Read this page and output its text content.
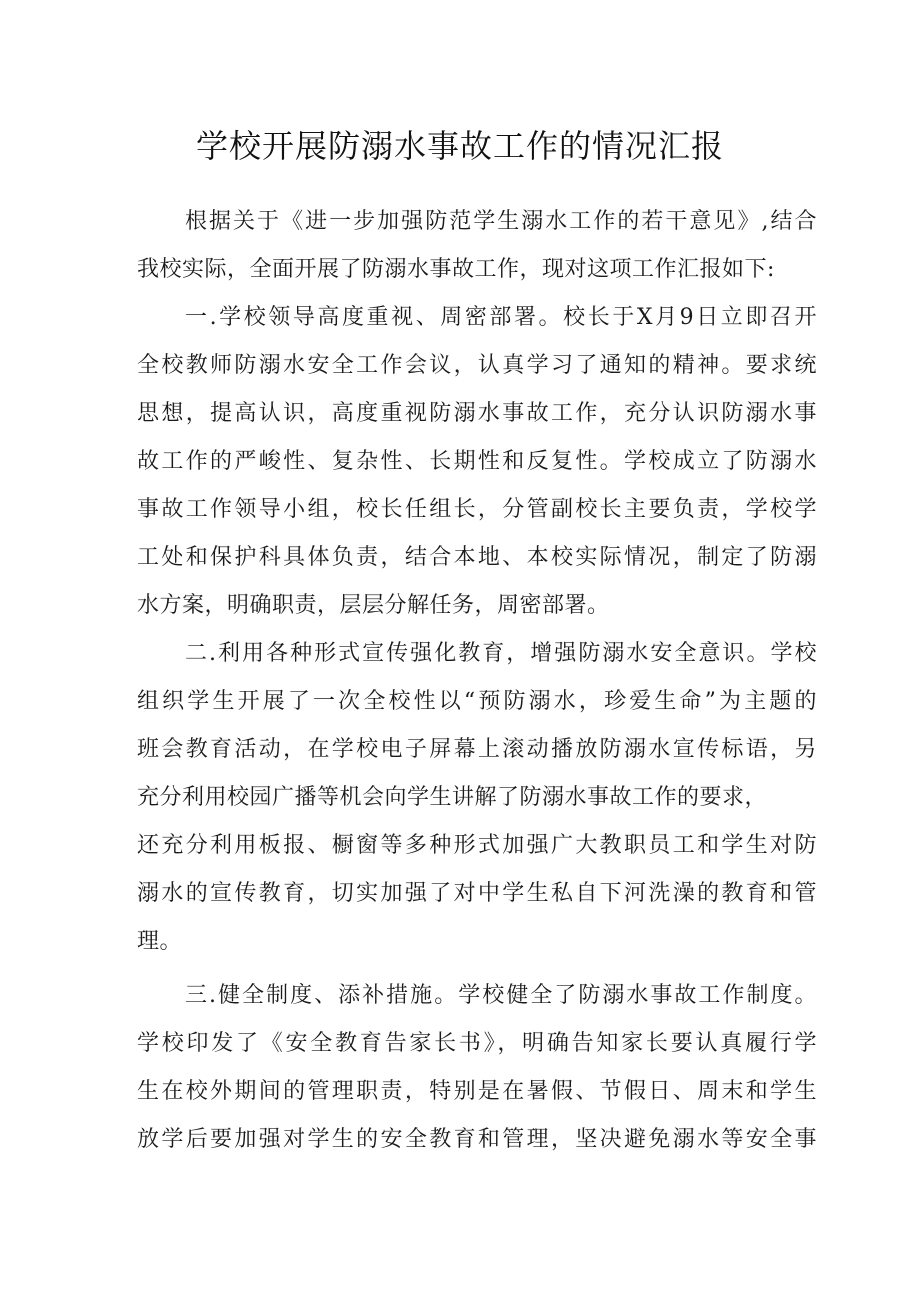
学校开展防溺水事故工作的情况汇报
根据关于《进一步加强防范学生溺水工作的若干意见》,结合
我校实际，全面开展了防溺水事故工作，现对这项工作汇报如下:
一.学校领导高度重视、周密部署。校长于X月9日立即召开
全校教师防溺水安全工作会议，认真学习了通知的精神。要求统
思想，提高认识，高度重视防溺水事故工作，充分认识防溺水事
故工作的严峻性、复杂性、长期性和反复性。学校成立了防溺水
事故工作领导小组，校长任组长，分管副校长主要负责，学校学
工处和保护科具体负责，结合本地、本校实际情况，制定了防溺
水方案，明确职责，层层分解任务，周密部署。
二.利用各种形式宣传强化教育，增强防溺水安全意识。学校
组织学生开展了一次全校性以“预防溺水，珍爱生命”为主题的
班会教育活动，在学校电子屏幕上滚动播放防溺水宣传标语，另
充分利用校园广播等机会向学生讲解了防溺水事故工作的要求，
还充分利用板报、橱窗等多种形式加强广大教职员工和学生对防
溺水的宣传教育，切实加强了对中学生私自下河洗澡的教育和管
理。
三.健全制度、添补措施。学校健全了防溺水事故工作制度。
学校印发了《安全教育告家长书》，明确告知家长要认真履行学
生在校外期间的管理职责，特别是在暑假、节假日、周末和学生
放学后要加强对学生的安全教育和管理，坚决避免溺水等安全事
